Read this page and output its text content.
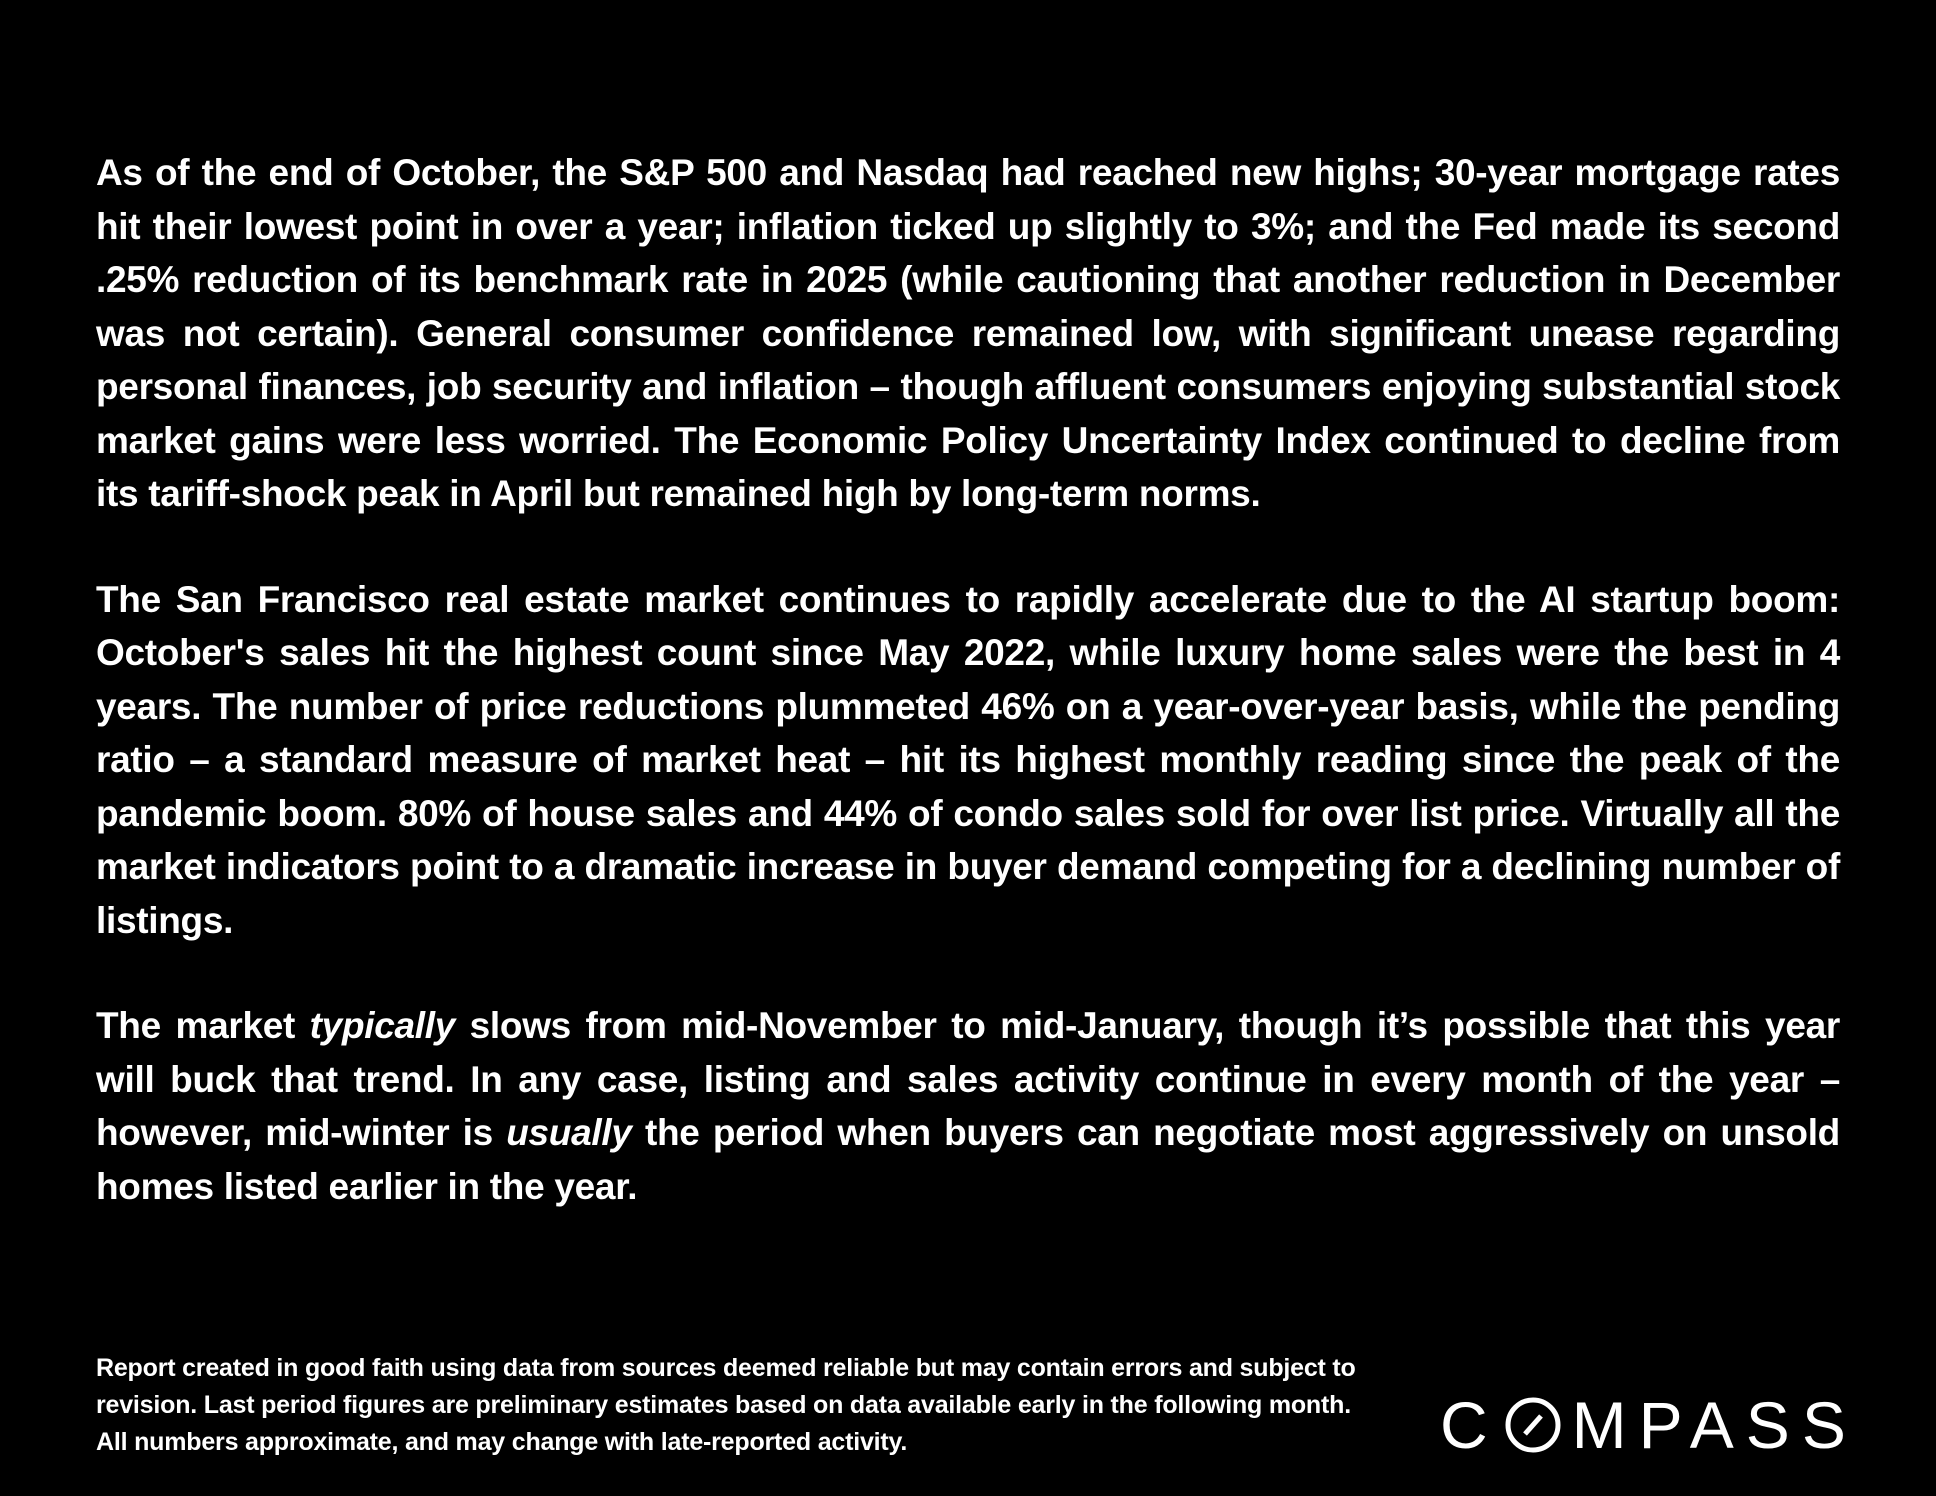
As of the end of October, the S&P 500 and Nasdaq had reached new highs; 30-year mortgage rates hit their lowest point in over a year; inflation ticked up slightly to 3%; and the Fed made its second .25% reduction of its benchmark rate in 2025 (while cautioning that another reduction in December was not certain). General consumer confidence remained low, with significant unease regarding personal finances, job security and inflation – though affluent consumers enjoying substantial stock market gains were less worried. The Economic Policy Uncertainty Index continued to decline from its tariff-shock peak in April but remained high by long-term norms.

The San Francisco real estate market continues to rapidly accelerate due to the AI startup boom: October's sales hit the highest count since May 2022, while luxury home sales were the best in 4 years. The number of price reductions plummeted 46% on a year-over-year basis, while the pending ratio – a standard measure of market heat – hit its highest monthly reading since the peak of the pandemic boom. 80% of house sales and 44% of condo sales sold for over list price. Virtually all the market indicators point to a dramatic increase in buyer demand competing for a declining number of listings.

The market typically slows from mid-November to mid-January, though it’s possible that this year will buck that trend. In any case, listing and sales activity continue in every month of the year – however, mid-winter is usually the period when buyers can negotiate most aggressively on unsold homes listed earlier in the year.

Report created in good faith using data from sources deemed reliable but may contain errors and subject to revision. Last period figures are preliminary estimates based on data available early in the following month. All numbers approximate, and may change with late-reported activity.	C MPASS
